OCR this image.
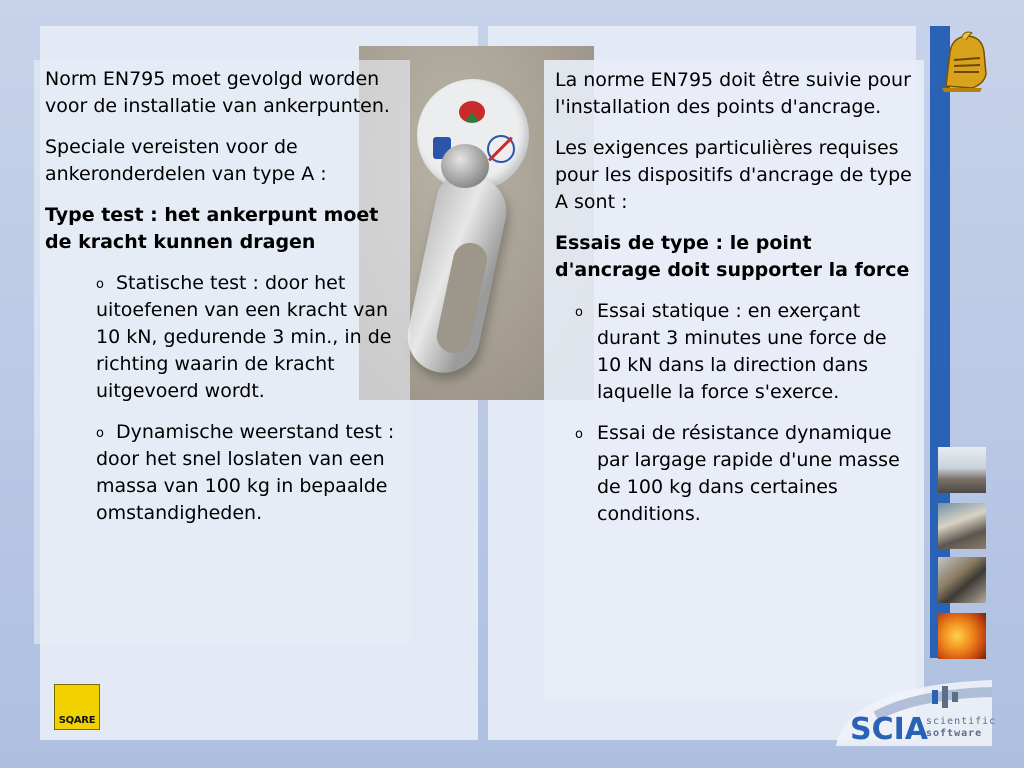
Norm EN795 moet gevolgd worden voor de installatie van ankerpunten.

Speciale vereisten voor de ankeronderdelen van type A :

Type test : het ankerpunt moet de kracht kunnen dragen

o Statische test : door het uitoefenen van een kracht van 10 kN, gedurende 3 min., in de richting waarin de kracht uitgevoerd wordt.

o Dynamische weerstand test : door het snel loslaten van een massa van 100 kg in bepaalde omstandigheden.

La norme EN795 doit être suivie pour l'installation des points d'ancrage.

Les exigences particulières requises pour les dispositifs d'ancrage de type A sont :

Essais de type : le point d'ancrage doit supporter la force

o Essai statique : en exerçant durant 3 minutes une force de 10 kN dans la direction dans laquelle la force s'exerce.

o Essai de résistance dynamique par largage rapide d'une masse de 100 kg dans certaines conditions.

SQARE	SCIA
scientific
software
